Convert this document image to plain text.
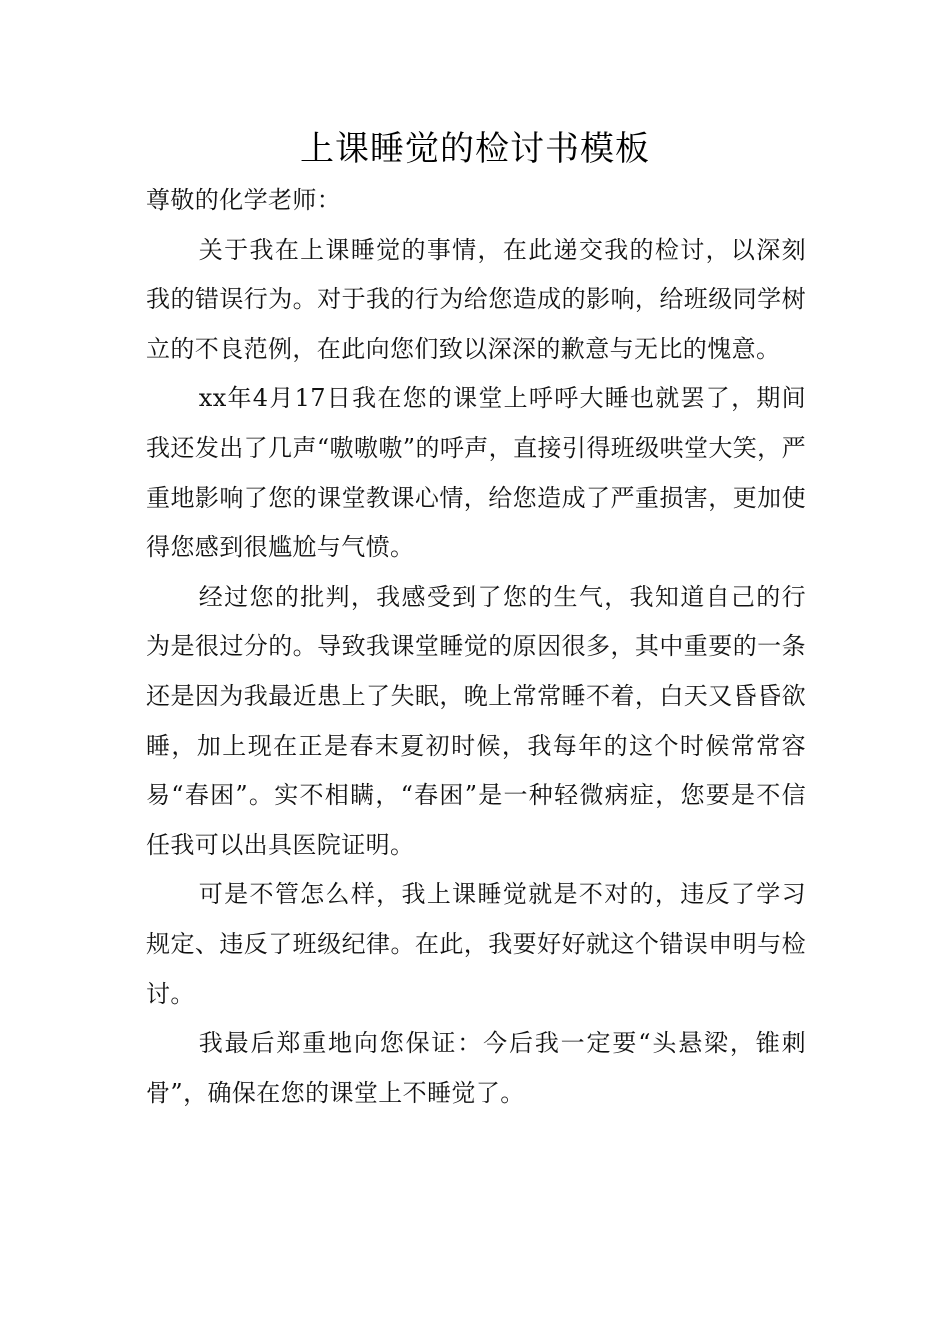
上课睡觉的检讨书模板

尊敬的化学老师：

关于我在上课睡觉的事情，在此递交我的检讨，以深刻我的错误行为。对于我的行为给您造成的影响，给班级同学树立的不良范例，在此向您们致以深深的歉意与无比的愧意。

xx年4月17日我在您的课堂上呼呼大睡也就罢了，期间我还发出了几声“嗷嗷嗷”的呼声，直接引得班级哄堂大笑，严重地影响了您的课堂教课心情，给您造成了严重损害，更加使得您感到很尴尬与气愤。

经过您的批判，我感受到了您的生气，我知道自己的行为是很过分的。导致我课堂睡觉的原因很多，其中重要的一条还是因为我最近患上了失眠，晚上常常睡不着，白天又昏昏欲睡，加上现在正是春末夏初时候，我每年的这个时候常常容易“春困”。实不相瞒，“春困”是一种轻微病症，您要是不信任我可以出具医院证明。

可是不管怎么样，我上课睡觉就是不对的，违反了学习规定、违反了班级纪律。在此，我要好好就这个错误申明与检讨。

我最后郑重地向您保证：今后我一定要“头悬梁，锥刺骨”，确保在您的课堂上不睡觉了。
